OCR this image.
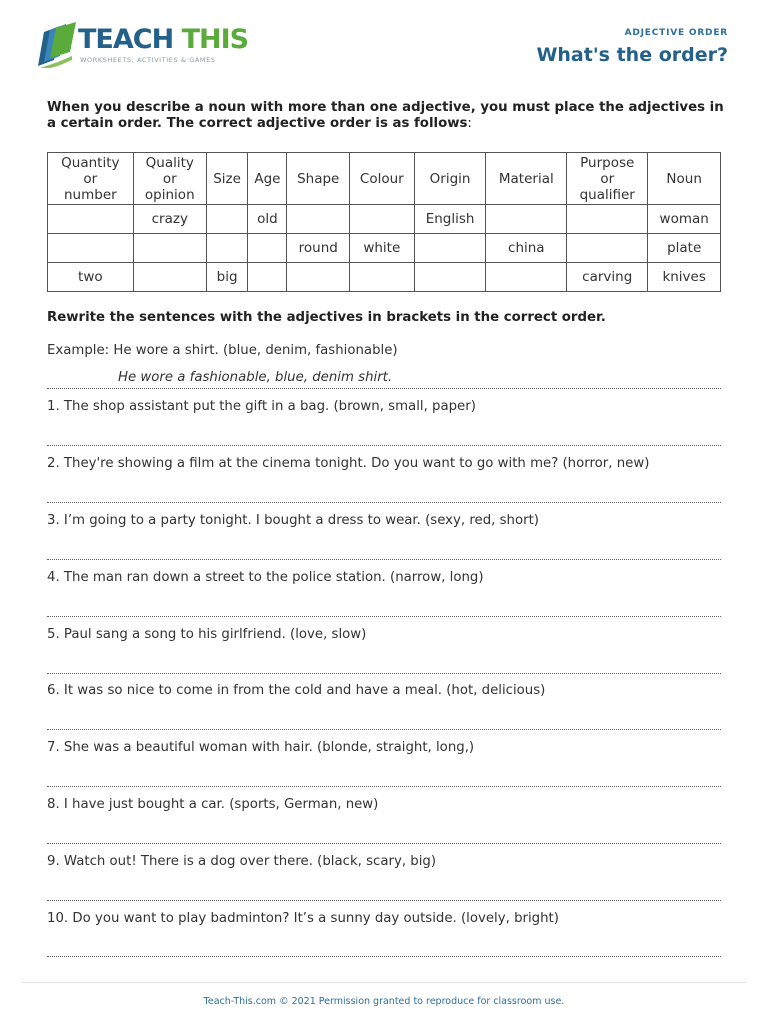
TEACH THIS
WORKSHEETS, ACTIVITIES & GAMES
ADJECTIVE ORDER
What's the order?
When you describe a noun with more than one adjective, you must place the adjectives in a certain order. The correct adjective order is as follows:
Quantity
or
number	Quality
or
opinion	Size	Age	Shape	Colour	Origin	Material	Purpose
or
qualifier	Noun
	crazy		old			English			woman
				round	white		china		plate
two		big						carving	knives
Rewrite the sentences with the adjectives in brackets in the correct order.
Example: He wore a shirt. (blue, denim, fashionable)
He wore a fashionable, blue, denim shirt.
1. The shop assistant put the gift in a bag. (brown, small, paper)
2. They're showing a film at the cinema tonight. Do you want to go with me? (horror, new)
3. I’m going to a party tonight. I bought a dress to wear. (sexy, red, short)
4. The man ran down a street to the police station. (narrow, long)
5. Paul sang a song to his girlfriend. (love, slow)
6. It was so nice to come in from the cold and have a meal. (hot, delicious)
7. She was a beautiful woman with hair. (blonde, straight, long,)
8. I have just bought a car. (sports, German, new)
9. Watch out! There is a dog over there. (black, scary, big)
10. Do you want to play badminton? It’s a sunny day outside. (lovely, bright)
Teach-This.com © 2021 Permission granted to reproduce for classroom use.
